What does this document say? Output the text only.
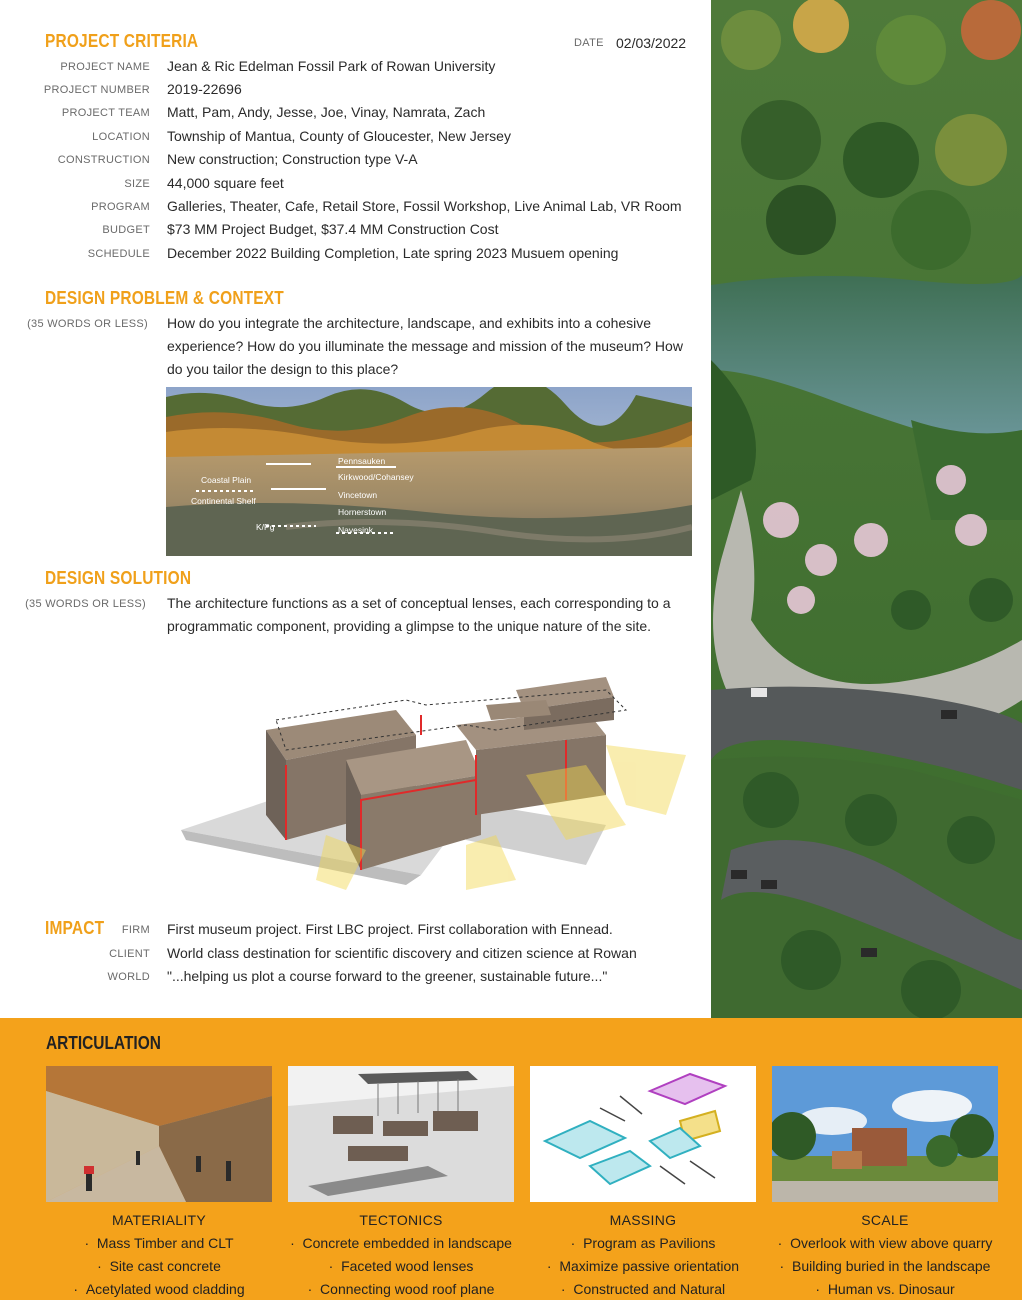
PROJECT CRITERIA	DATE 02/03/2022
PROJECT NAME Jean & Ric Edelman Fossil Park of Rowan University
PROJECT NUMBER 2019-22696
PROJECT TEAM Matt, Pam, Andy, Jesse, Joe, Vinay, Namrata, Zach
LOCATION Township of Mantua, County of Gloucester, New Jersey
CONSTRUCTION New construction; Construction type V-A
SIZE 44,000 square feet
PROGRAM Galleries, Theater, Cafe, Retail Store, Fossil Workshop, Live Animal Lab, VR Room
BUDGET $73 MM Project Budget, $37.4 MM Construction Cost
SCHEDULE December 2022 Building Completion, Late spring 2023 Musuem opening
DESIGN PROBLEM & CONTEXT
(35 WORDS OR LESS) How do you integrate the architecture, landscape, and exhibits into a cohesive experience? How do you illuminate the message and mission of the museum? How do you tailor the design to this place?
Coastal Plain
Continental Shelf
K/Pg
Pennsauken
Kirkwood/Cohansey
Vincetown
Hornerstown
Navesink
DESIGN SOLUTION
(35 WORDS OR LESS) The architecture functions as a set of conceptual lenses, each corresponding to a programmatic component, providing a glimpse to the unique nature of the site.
IMPACT FIRM First museum project. First LBC project. First collaboration with Ennead.
CLIENT World class destination for scientific discovery and citizen science at Rowan
WORLD "...helping us plot a course forward to the greener, sustainable future..."
ARTICULATION
MATERIALITY
·  Mass Timber and CLT
·  Site cast concrete
·  Acetylated wood cladding
TECTONICS
·  Concrete embedded in landscape
·  Faceted wood lenses
·  Connecting wood roof plane
MASSING
·  Program as Pavilions
·  Maximize passive orientation
·  Constructed and Natural
SCALE
·  Overlook with view above quarry
·  Building buried in the landscape
·  Human vs. Dinosaur
